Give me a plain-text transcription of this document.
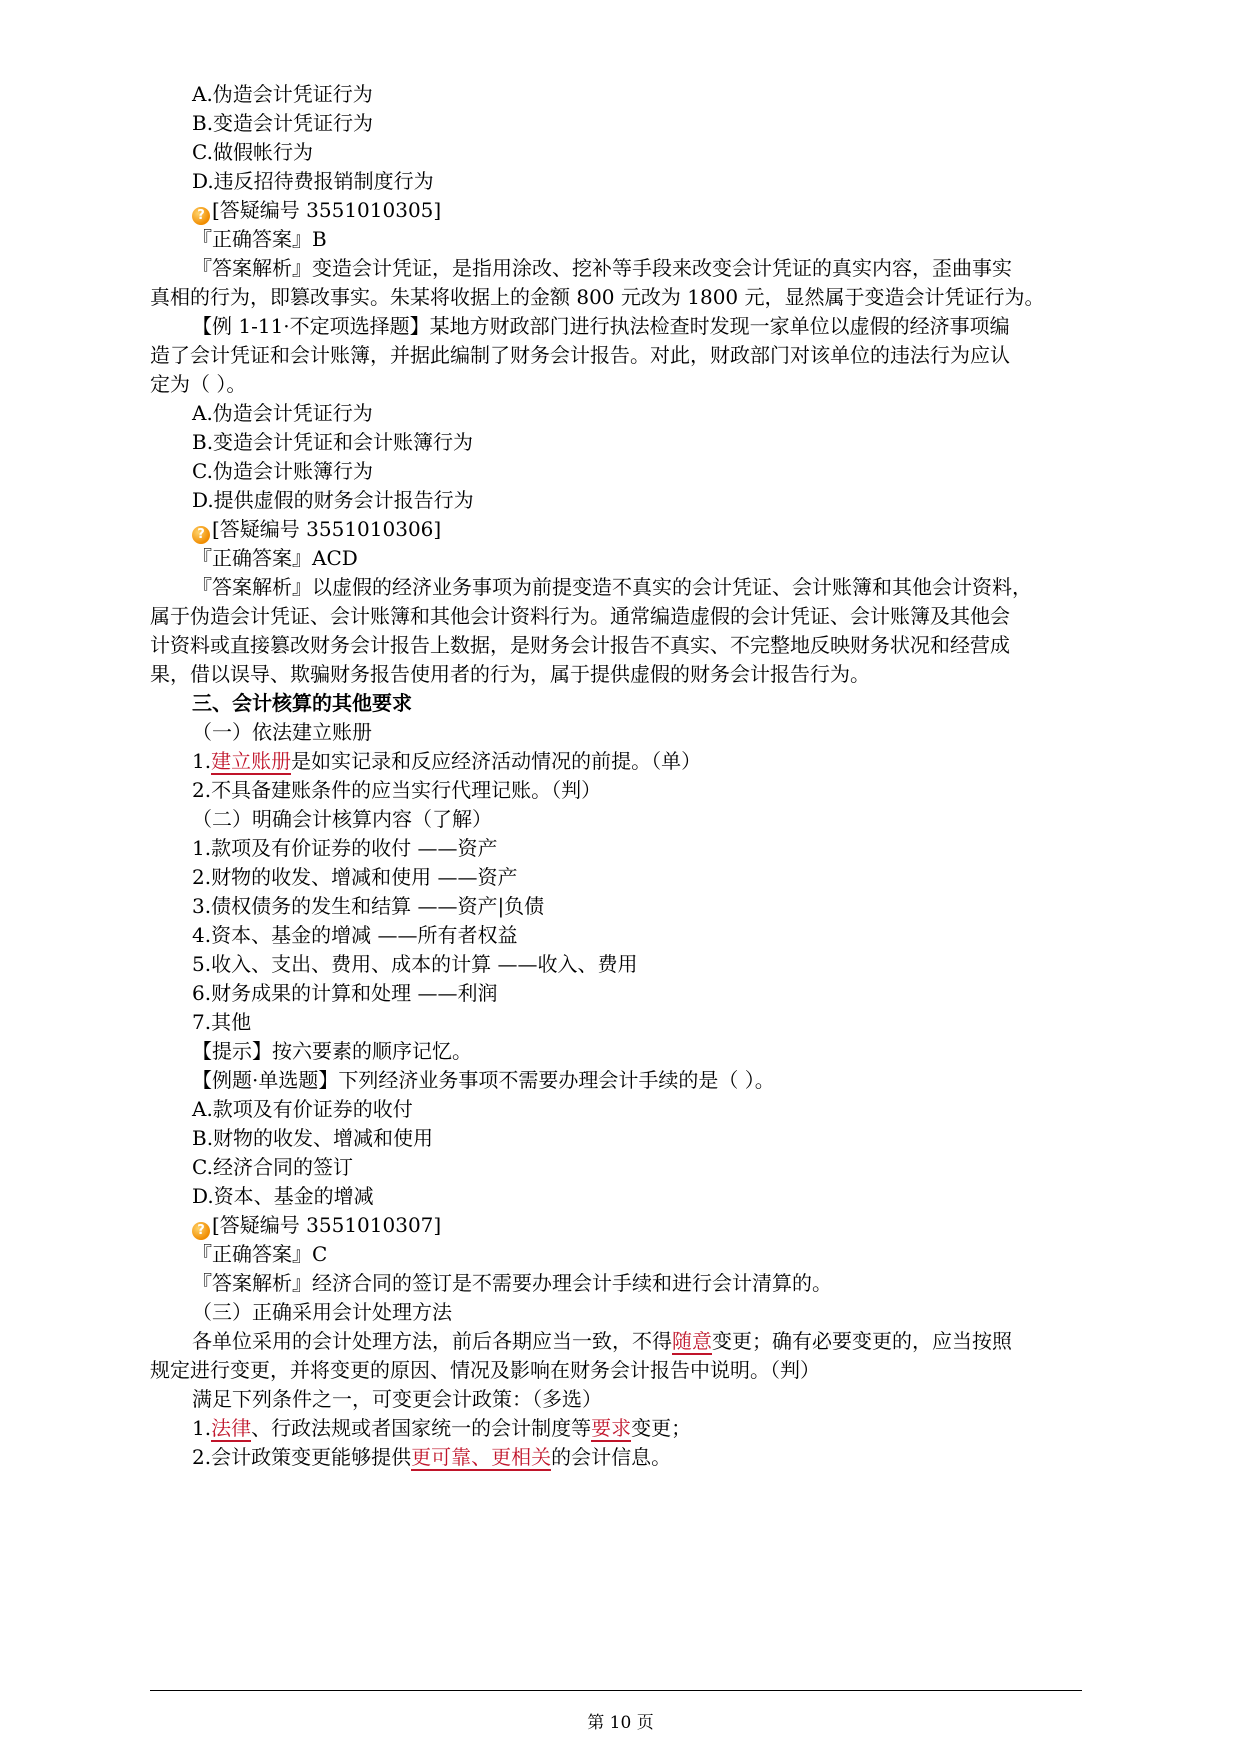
A.伪造会计凭证行为
B.变造会计凭证行为
C.做假帐行为
D.违反招待费报销制度行为
? [答疑编号 3551010305]
『正确答案』B
『答案解析』变造会计凭证，是指用涂改、挖补等手段来改变会计凭证的真实内容，歪曲事实
真相的行为，即篡改事实。朱某将收据上的金额 800 元改为 1800 元，显然属于变造会计凭证行为。
【例 1-11·不定项选择题】某地方财政部门进行执法检查时发现一家单位以虚假的经济事项编
造了会计凭证和会计账簿，并据此编制了财务会计报告。对此，财政部门对该单位的违法行为应认
定为（ ）。
A.伪造会计凭证行为
B.变造会计凭证和会计账簿行为
C.伪造会计账簿行为
D.提供虚假的财务会计报告行为
? [答疑编号 3551010306]
『正确答案』ACD
『答案解析』以虚假的经济业务事项为前提变造不真实的会计凭证、会计账簿和其他会计资料，
属于伪造会计凭证、会计账簿和其他会计资料行为。通常编造虚假的会计凭证、会计账簿及其他会
计资料或直接篡改财务会计报告上数据，是财务会计报告不真实、不完整地反映财务状况和经营成
果，借以误导、欺骗财务报告使用者的行为，属于提供虚假的财务会计报告行为。
三、会计核算的其他要求
（一）依法建立账册
1.建立账册是如实记录和反应经济活动情况的前提。（单）
2.不具备建账条件的应当实行代理记账。（判）
（二）明确会计核算内容（了解）
1.款项及有价证券的收付 ——资产
2.财物的收发、增减和使用 ——资产
3.债权债务的发生和结算 ——资产|负债
4.资本、基金的增减 ——所有者权益
5.收入、支出、费用、成本的计算 ——收入、费用
6.财务成果的计算和处理 ——利润
7.其他
【提示】按六要素的顺序记忆。
【例题·单选题】下列经济业务事项不需要办理会计手续的是（ ）。
A.款项及有价证券的收付
B.财物的收发、增减和使用
C.经济合同的签订
D.资本、基金的增减
? [答疑编号 3551010307]
『正确答案』C
『答案解析』经济合同的签订是不需要办理会计手续和进行会计清算的。
（三）正确采用会计处理方法
各单位采用的会计处理方法，前后各期应当一致，不得随意变更；确有必要变更的，应当按照
规定进行变更，并将变更的原因、情况及影响在财务会计报告中说明。（判）
满足下列条件之一，可变更会计政策：（多选）
1.法律、行政法规或者国家统一的会计制度等要求变更；
2.会计政策变更能够提供更可靠、更相关的会计信息。
第 10 页
